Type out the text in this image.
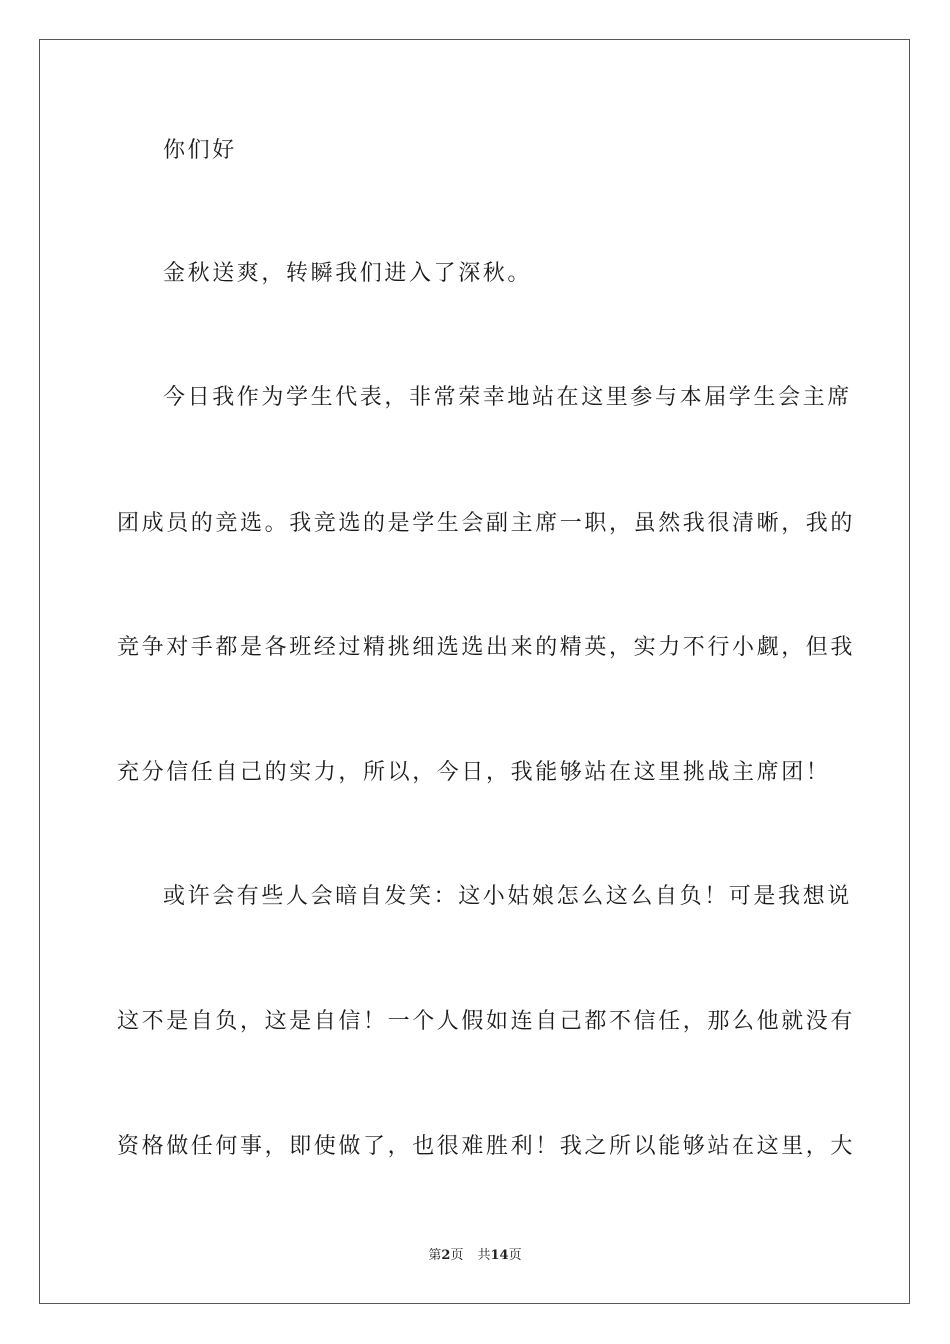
你们好
金秋送爽，转瞬我们进入了深秋。
今日我作为学生代表，非常荣幸地站在这里参与本届学生会主席
团成员的竞选。我竞选的是学生会副主席一职，虽然我很清晰，我的
竞争对手都是各班经过精挑细选选出来的精英，实力不行小觑，但我
充分信任自己的实力，所以，今日，我能够站在这里挑战主席团！
或许会有些人会暗自发笑：这小姑娘怎么这么自负！可是我想说
这不是自负，这是自信！一个人假如连自己都不信任，那么他就没有
资格做任何事，即使做了，也很难胜利！我之所以能够站在这里，大
第2页 共14页
